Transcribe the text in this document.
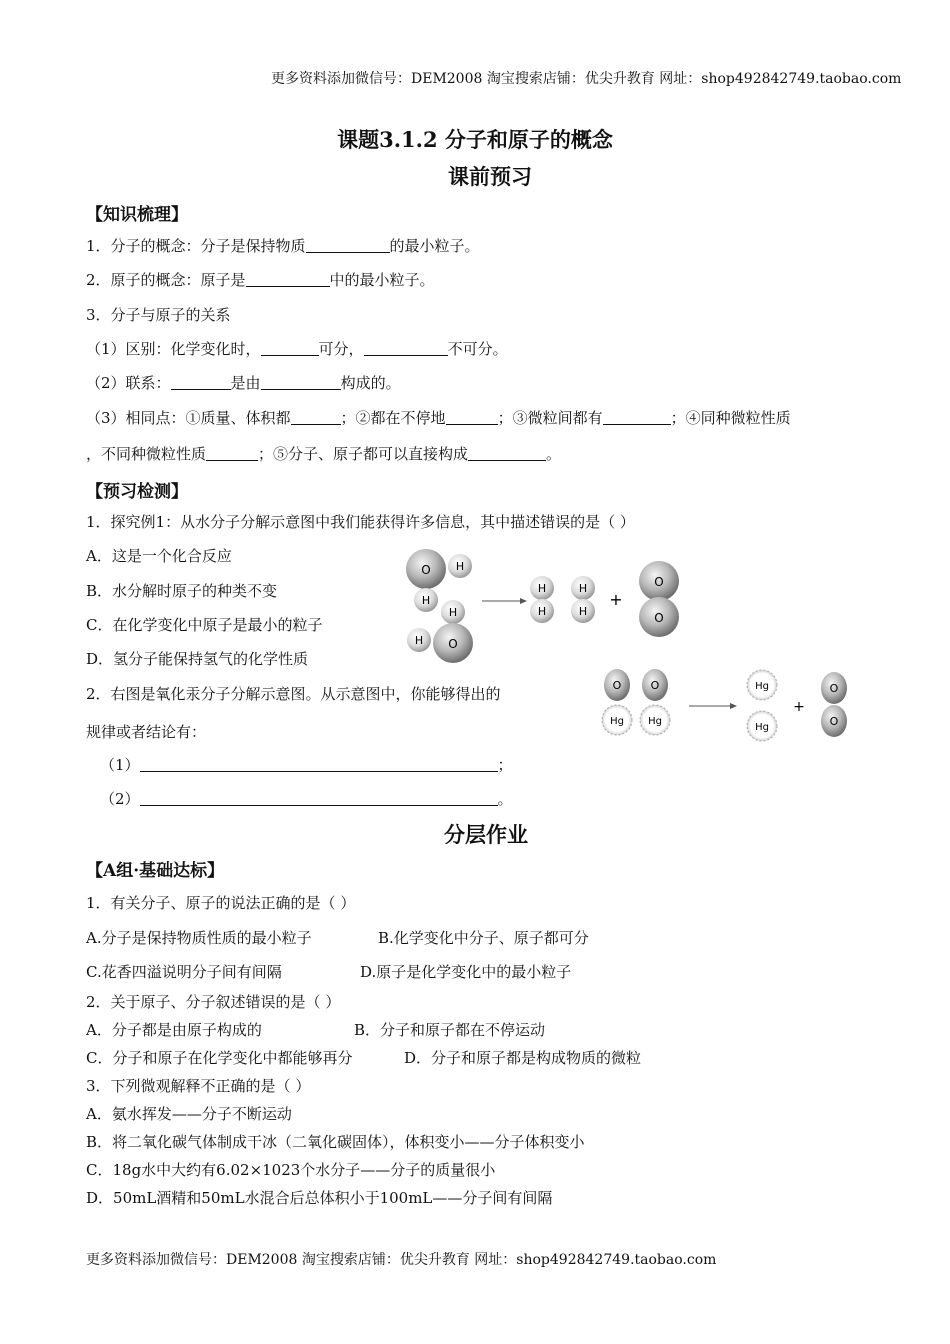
更多资料添加微信号：DEM2008 淘宝搜索店铺：优尖升教育 网址：shop492842749.taobao.com
课题3.1.2 分子和原子的概念
课前预习
【知识梳理】
1．分子的概念：分子是保持物质	的最小粒子。
2．原子的概念：原子是	中的最小粒子。
3．分子与原子的关系
（1）区别：化学变化时，	可分，	不可分。
（2）联系：	是由	构成的。
（3）相同点：①质量、体积都	；②都在不停地	；③微粒间都有	；④同种微粒性质
，不同种微粒性质	；⑤分子、原子都可以直接构成	。
【预习检测】
1．探究例1：从水分子分解示意图中我们能获得许多信息，其中描述错误的是（ ）
A．这是一个化合反应
B．水分解时原子的种类不变
C．在化学变化中原子是最小的粒子
D．氢分子能保持氢气的化学性质
O H
H
H
H O
H
H
H
H
+
O
O
2．右图是氧化汞分子分解示意图。从示意图中，你能够得出的
规律或者结论有：
O
Hg
O
Hg
Hg
Hg
+
O
O
（1）	；
（2）	。
分层作业
【A组·基础达标】
1．有关分子、原子的说法正确的是（ ）
A.分子是保持物质性质的最小粒子	B.化学变化中分子、原子都可分
C.花香四溢说明分子间有间隔	D.原子是化学变化中的最小粒子
2．关于原子、分子叙述错误的是（ ）
A．分子都是由原子构成的	B．分子和原子都在不停运动
C．分子和原子在化学变化中都能够再分	D．分子和原子都是构成物质的微粒
3．下列微观解释不正确的是（ ）
A．氨水挥发——分子不断运动
B．将二氧化碳气体制成干冰（二氧化碳固体），体积变小——分子体积变小
C．18g水中大约有6.02×1023个水分子——分子的质量很小
D．50mL酒精和50mL水混合后总体积小于100mL——分子间有间隔
更多资料添加微信号：DEM2008 淘宝搜索店铺：优尖升教育 网址：shop492842749.taobao.com
